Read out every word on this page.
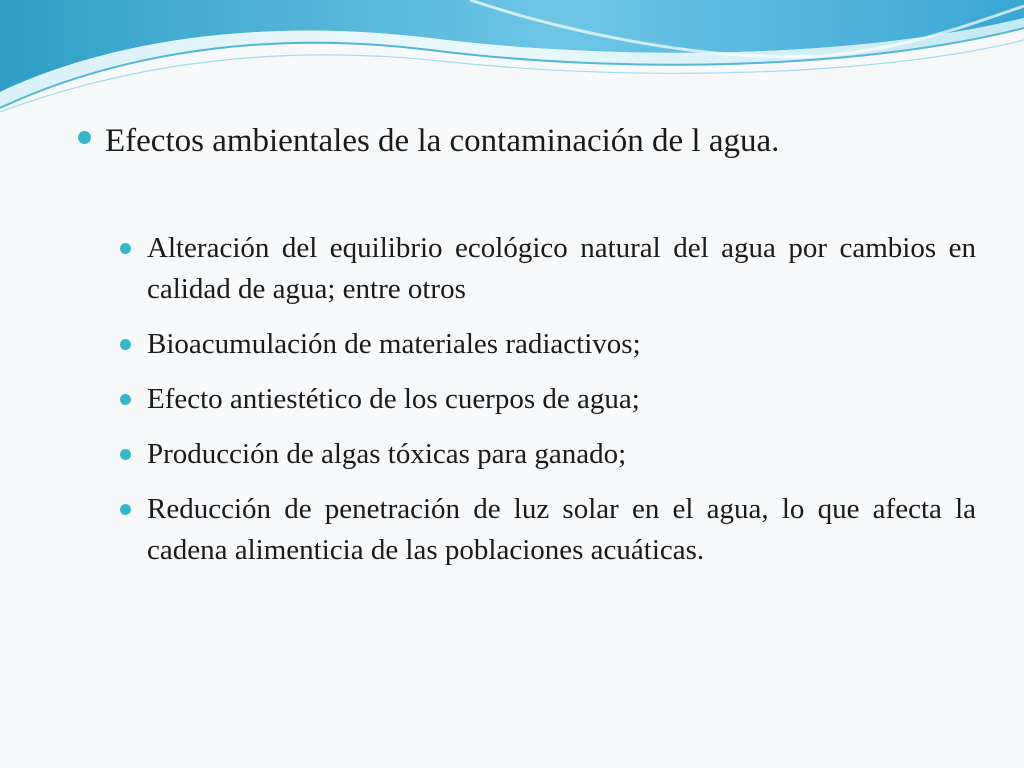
Efectos ambientales de la contaminación de l agua.
Alteración del equilibrio ecológico natural del agua por cambios en calidad de agua; entre otros
Bioacumulación de materiales radiactivos;
Efecto antiestético de los cuerpos de agua;
Producción de algas tóxicas para ganado;
Reducción de penetración de luz solar en el agua, lo que afecta la cadena alimenticia de las poblaciones acuáticas.
